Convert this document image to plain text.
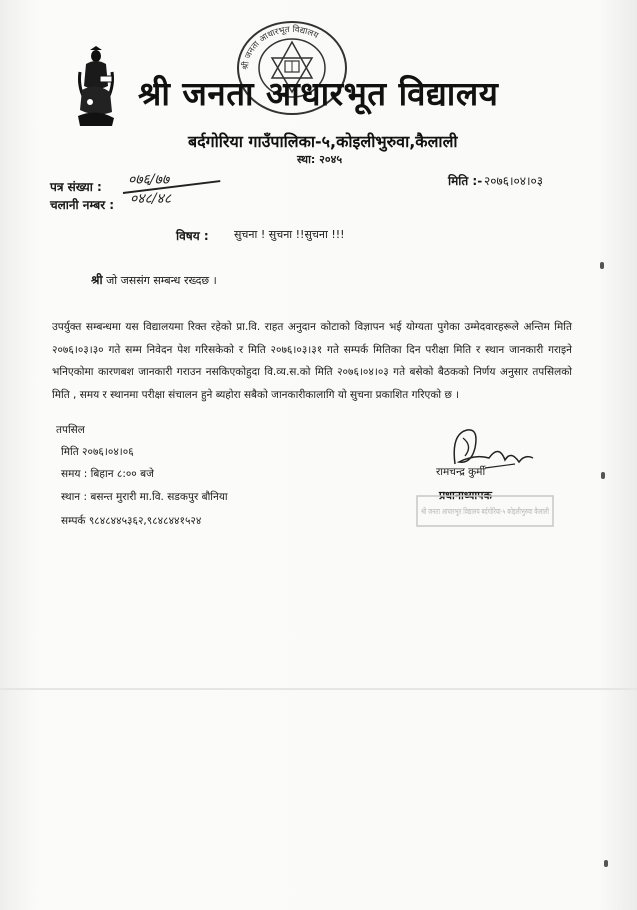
श्री जनता आधारभूत विद्यालय
श्री जनता आधारभूत विद्यालय
बर्दगोरिया गाउँपालिका-५,कोइलीभुरुवा,कैलाली
स्था: २०४५
पत्र संख्या : ०७६/७७
चलानी नम्बर : ०४८/४८
मिति :- २०७६।०४।०३
विषय : सुचना ! सुचना !!सुचना !!!
श्री जो जससंग सम्बन्ध रख्दछ ।
उपर्युक्त सम्बन्धमा यस विद्यालयमा रिक्त रहेको प्रा.वि. राहत अनुदान कोटाको विज्ञापन भई योग्यता पुगेका उम्मेदवारहरूले अन्तिम मिति २०७६।०३।३० गते सम्म निवेदन पेश गरिसकेको र मिति २०७६।०३।३१ गते सम्पर्क मितिका दिन परीक्षा मिति र स्थान जानकारी गराइने भनिएकोमा कारणबश जानकारी गराउन नसकिएकोहुदा वि.व्य.स.को मिति २०७६।०४।०३ गते बसेको बैठकको निर्णय अनुसार तपसिलको मिति , समय र स्थानमा परीक्षा संचालन हुने ब्यहोरा सबैको जानकारीकालागि यो सुचना प्रकाशित गरिएको छ ।
तपसिल
मिति २०७६।०४।०६
समय : बिहान ८:०० बजे
स्थान : बसन्त मुरारी मा.वि. सडकपुर बौनिया
सम्पर्क ९८४८४४५३६२,९८४८४४१५२४
रामचन्द्र कुर्मी
प्रधानाध्यापक
श्री जनता आधारभूत विद्यालय बर्दगोरिया-५ कोइलीभुरुवा कैलाली
